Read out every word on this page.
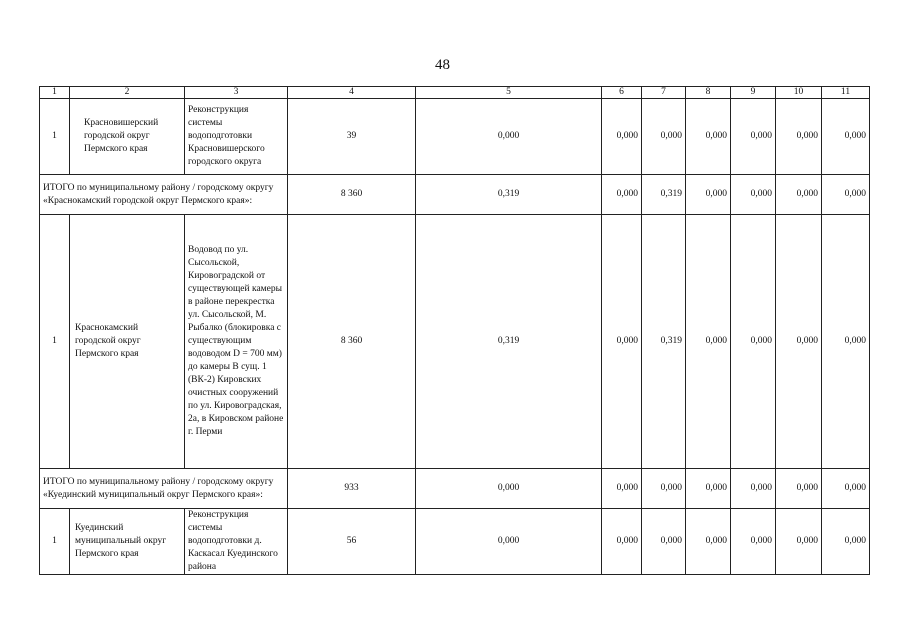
48
1	2	3	4	5	6	7	8	9	10	11
1	Красновишерский городской округ Пермского края	Реконструкция системы водоподготовки Красновишерского городского округа	39	0,000	0,000	0,000	0,000	0,000	0,000	0,000
ИТОГО по муниципальному району / городскому округу «Краснокамский городской округ Пермского края»:			8 360	0,319	0,000	0,319	0,000	0,000	0,000	0,000
1	Краснокамский городской округ Пермского края	Водовод по ул. Сысольской, Кировоградской от существующей камеры в районе перекрестка ул. Сысольской, М. Рыбалко (блокировка с существующим водоводом D = 700 мм) до камеры В сущ. 1 (ВК-2) Кировских очистных сооружений по ул. Кировоградская, 2а, в Кировском районе г. Перми	8 360	0,319	0,000	0,319	0,000	0,000	0,000	0,000
ИТОГО по муниципальному району / городскому округу «Куединский муниципальный округ Пермского края»:			933	0,000	0,000	0,000	0,000	0,000	0,000	0,000
1	Куединский муниципальный округ Пермского края	Реконструкция системы водоподготовки д. Каскасал Куединского района	56	0,000	0,000	0,000	0,000	0,000	0,000	0,000
